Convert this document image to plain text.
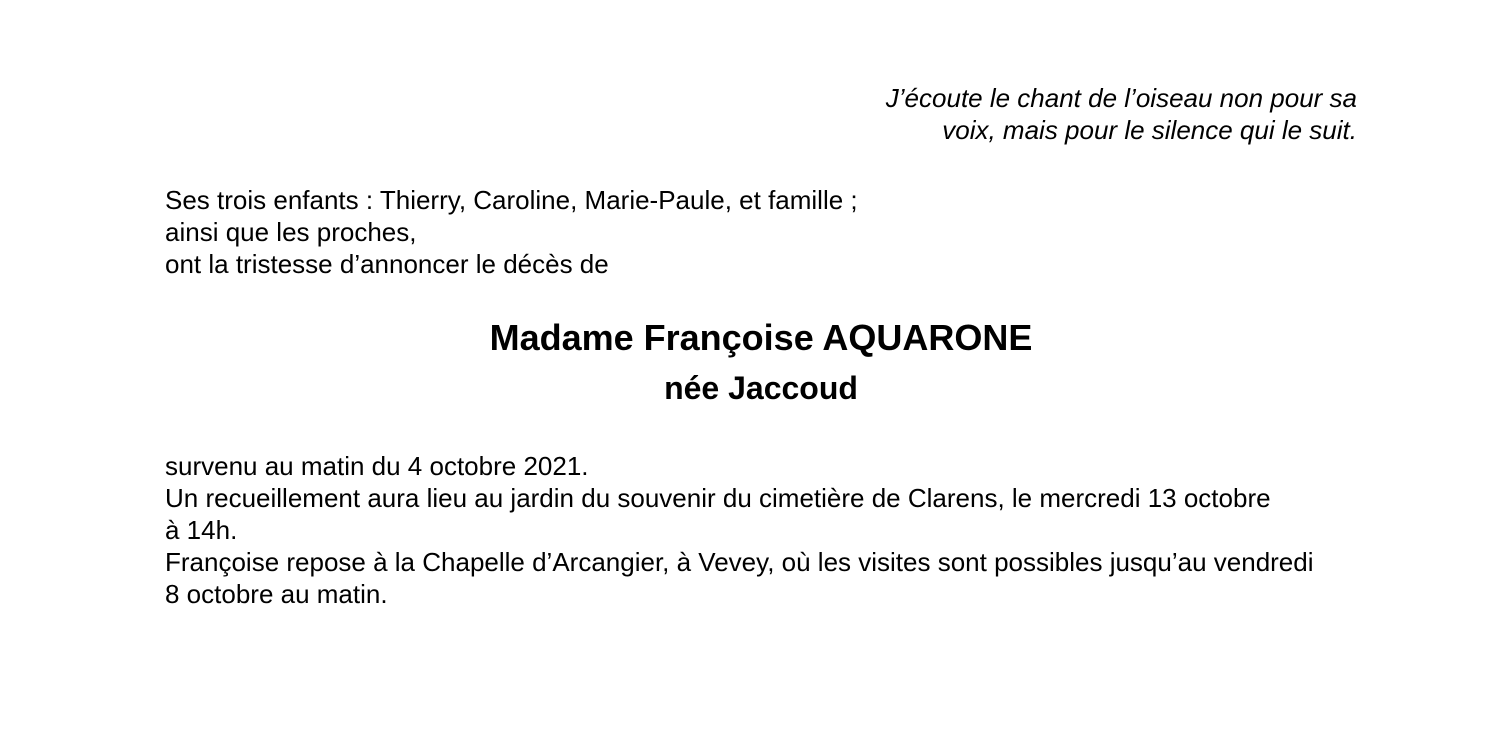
J’écoute le chant de l’oiseau non pour sa
voix, mais pour le silence qui le suit.
Ses trois enfants : Thierry, Caroline, Marie-Paule, et famille ;
ainsi que les proches,
ont la tristesse d’annoncer le décès de
Madame Françoise AQUARONE
née Jaccoud
survenu au matin du 4 octobre 2021.
Un recueillement aura lieu au jardin du souvenir du cimetière de Clarens, le mercredi 13 octobre
à 14h.
Françoise repose à la Chapelle d’Arcangier, à Vevey, où les visites sont possibles jusqu’au vendredi
8 octobre au matin.
